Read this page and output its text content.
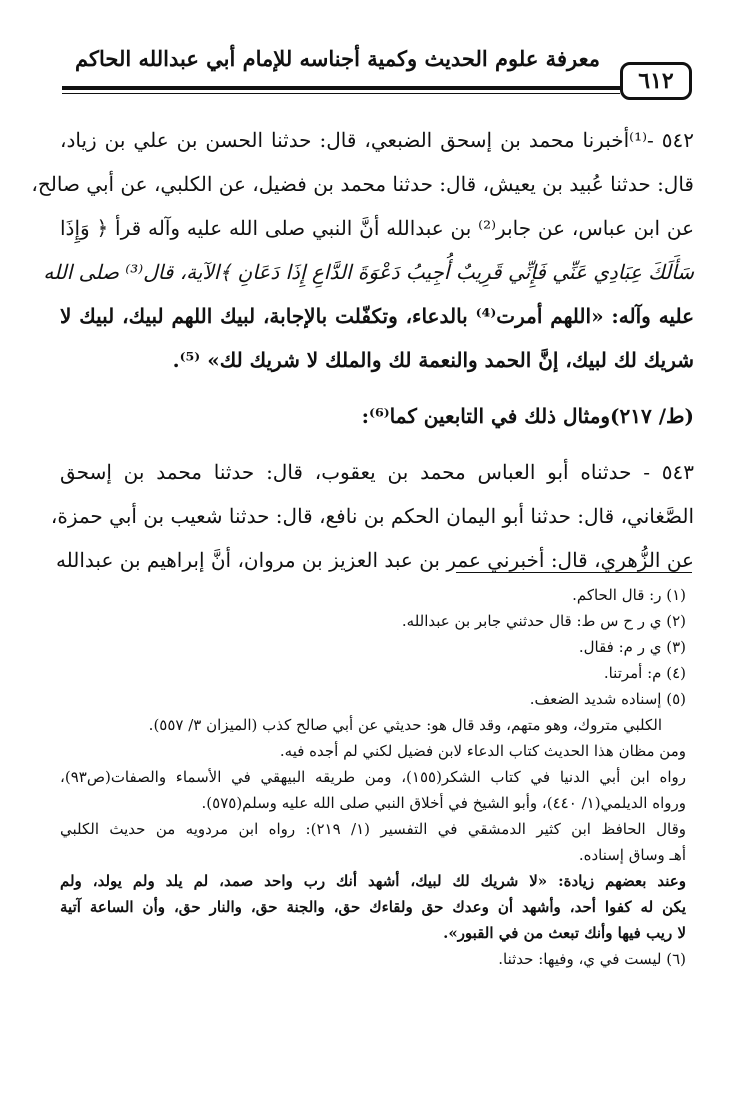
معرفة علوم الحديث وكمية أجناسه للإمام أبي عبدالله الحاكم
٦١٢
٥٤٢ -⁽¹⁾أخبرنا محمد بن إسحق الضبعي، قال: حدثنا الحسن بن علي بن زياد،
قال: حدثنا عُبيد بن يعيش، قال: حدثنا محمد بن فضيل، عن الكلبي، عن أبي صالح،
عن ابن عباس، عن جابر⁽²⁾ بن عبدالله أنَّ النبي صلى الله عليه وآله قرأ ﴿ وَإِذَا
سَأَلَكَ عِبَادِي عَنِّي فَإِنِّي قَرِيبٌ أُجِيبُ دَعْوَةَ الدَّاعِ إِذَا دَعَانِ ﴾الآية، قال⁽³⁾ صلى الله
عليه وآله: «اللهم أمرت⁽⁴⁾ بالدعاء، وتكفّلت بالإجابة، لبيك اللهم لبيك، لبيك لا
شريك لك لبيك، إنَّ الحمد والنعمة لك والملك لا شريك لك» ⁽⁵⁾.
(ط/ ٢١٧)ومثال ذلك في التابعين كما⁽⁶⁾:
٥٤٣ - حدثناه أبو العباس محمد بن يعقوب، قال: حدثنا محمد بن إسحق
الصَّغاني، قال: حدثنا أبو اليمان الحكم بن نافع، قال: حدثنا شعيب بن أبي حمزة،
عن الزُّهري، قال: أخبرني عمر بن عبد العزيز بن مروان، أنَّ إبراهيم بن عبدالله
(١) ر: قال الحاكم.
(٢) ي ر ح س ط: قال حدثني جابر بن عبدالله.
(٣) ي ر م: فقال.
(٤) م: أمرتنا.
(٥) إسناده شديد الضعف.
الكلبي متروك، وهو متهم، وقد قال هو: حديثي عن أبي صالح كذب (الميزان ٣/ ٥٥٧).
ومن مظان هذا الحديث كتاب الدعاء لابن فضيل لكني لم أجده فيه.
رواه ابن أبي الدنيا في كتاب الشكر(١٥٥)، ومن طريقه البيهقي في الأسماء والصفات(ص٩٣)،
ورواه الديلمي(١/ ٤٤٠)، وأبو الشيخ في أخلاق النبي صلى الله عليه وسلم(٥٧٥).
وقال الحافظ ابن كثير الدمشقي في التفسير (١/ ٢١٩): رواه ابن مردويه من حديث الكلبي
أهـ وساق إسناده.
وعند بعضهم زيادة: «لا شريك لك لبيك، أشهد أنك رب واحد صمد، لم يلد ولم يولد، ولم
يكن له كفوا أحد، وأشهد أن وعدك حق ولقاءك حق، والجنة حق، والنار حق، وأن الساعة آتية
لا ريب فيها وأنك تبعث من في القبور».
(٦) ليست في ي، وفيها: حدثنا.
